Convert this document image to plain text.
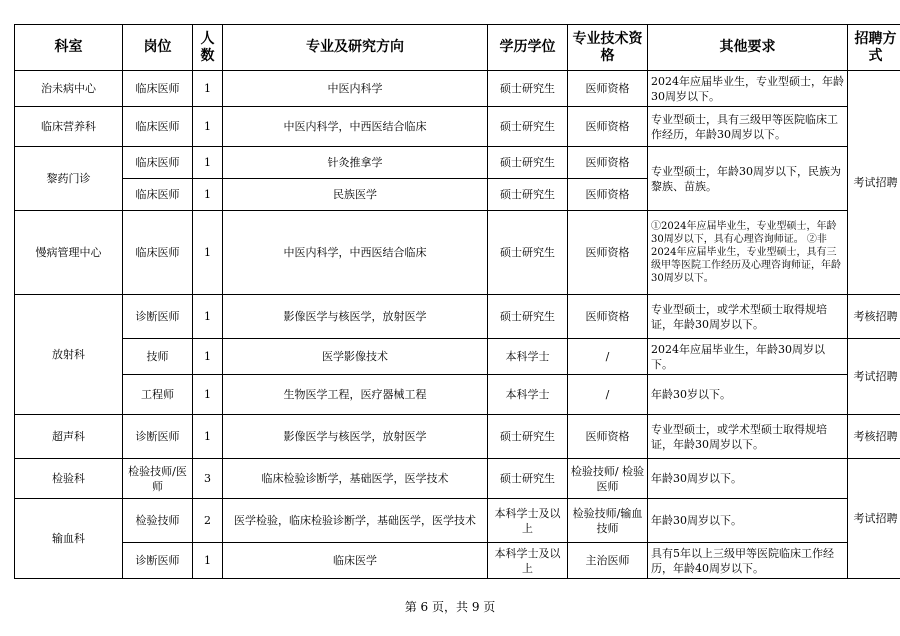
科室	岗位	人数	专业及研究方向	学历学位	专业技术资格	其他要求	招聘方式
治未病中心	临床医师	1	中医内科学	硕士研究生	医师资格	2024年应届毕业生，专业型硕士，年龄30周岁以下。	考试招聘
临床营养科	临床医师	1	中医内科学，中西医结合临床	硕士研究生	医师资格	专业型硕士，具有三级甲等医院临床工作经历，年龄30周岁以下。	
黎药门诊	临床医师	1	针灸推拿学	硕士研究生	医师资格	专业型硕士，年龄30周岁以下，民族为黎族、苗族。	
	临床医师	1	民族医学	硕士研究生	医师资格		
慢病管理中心	临床医师	1	中医内科学，中西医结合临床	硕士研究生	医师资格	①2024年应届毕业生，专业型硕士，年龄30周岁以下，具有心理咨询师证。 ②非2024年应届毕业生，专业型硕士，具有三级甲等医院工作经历及心理咨询师证，年龄30周岁以下。	
放射科	诊断医师	1	影像医学与核医学，放射医学	硕士研究生	医师资格	专业型硕士，或学术型硕士取得规培证，年龄30周岁以下。	考核招聘
	技师	1	医学影像技术	本科学士	/	2024年应届毕业生，年龄30周岁以下。	考试招聘
	工程师	1	生物医学工程，医疗器械工程	本科学士	/	年龄30岁以下。	
超声科	诊断医师	1	影像医学与核医学，放射医学	硕士研究生	医师资格	专业型硕士，或学术型硕士取得规培证，年龄30周岁以下。	考核招聘
检验科	检验技师/医师	3	临床检验诊断学，基础医学，医学技术	硕士研究生	检验技师/ 检验医师	年龄30周岁以下。	考试招聘
输血科	检验技师	2	医学检验，临床检验诊断学，基础医学，医学技术	本科学士及以上	检验技师/输血技师	年龄30周岁以下。	
	诊断医师	1	临床医学	本科学士及以上	主治医师	具有5年以上三级甲等医院临床工作经历，年龄40周岁以下。	
第 6 页，共 9 页
